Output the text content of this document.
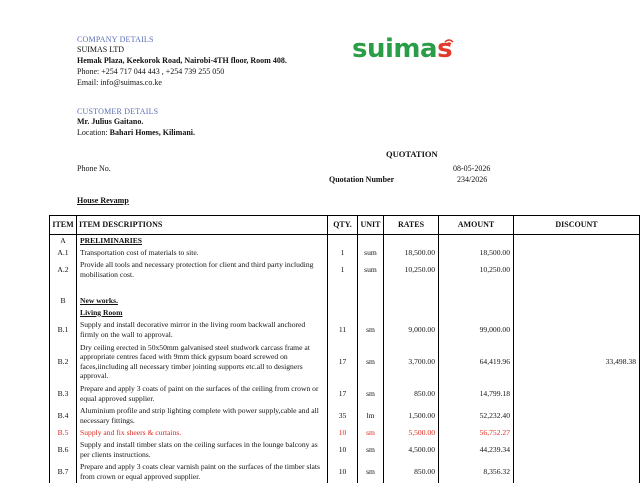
COMPANY DETAILS
SUIMAS LTD
Hemak Plaza, Keekorok Road, Nairobi-4TH floor, Room 408.
Phone: +254 717 044 443 , +254 739 255 050
Email: info@suimas.co.ke
suimas
CUSTOMER DETAILS
Mr. Julius Gaitano.
Location: Bahari Homes, Kilimani.
QUOTATION
Phone No.	08-05-2026
Quotation Number	234/2026
House Revamp
ITEM	ITEM DESCRIPTIONS	QTY.	UNIT	RATES	AMOUNT	DISCOUNT
A	PRELIMINARIES					
A.1	Transportation cost of materials to site.	1	sum	18,500.00	18,500.00	
A.2	Provide all tools and necessary protection for client and third party including mobilisation cost.	1	sum	10,250.00	10,250.00	

B	New works.					
	Living Room					
B.1	Supply and install decorative mirror in the living room backwall anchored firmly on the wall to approval.	11	sm	9,000.00	99,000.00	
B.2	Dry ceiling erected in 50x50mm galvanised steel studwork carcass frame at appropriate centres faced with 9mm thick gypsum board screwed on faces,iincluding all necessary timber jointing supports etc.all to designers approval.	17	sm	3,700.00	64,419.96	33,498.38
B.3	Prepare and apply 3 coats of paint on the surfaces of the ceiling from crown or equal approved supplier.	17	sm	850.00	14,799.18	
B.4	Aluminium profile and strip lighting complete with power supply,cable and all necessary fittings.	35	lm	1,500.00	52,232.40	
B.5	Supply and fix sheers & curtains.	10	sm	5,500.00	56,752.27	
B.6	Supply and install timber slats on the ceiling surfaces in the lounge balcony as per clients instructions.	10	sm	4,500.00	44,239.34	
B.7	Prepare and apply 3 coats clear varnish paint on the surfaces of the timber slats from crown or equal approved supplier.	10	sm	850.00	8,356.32	
